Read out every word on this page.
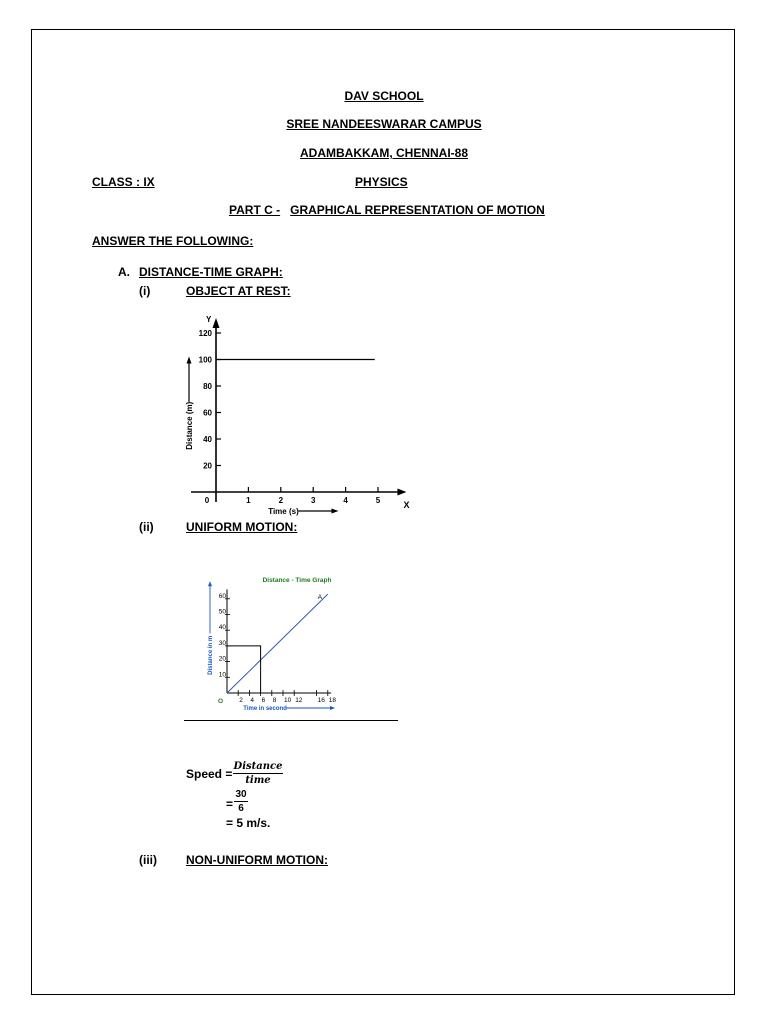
DAV SCHOOL
SREE NANDEESWARAR CAMPUS
ADAMBAKKAM, CHENNAI-88
CLASS : IX	PHYSICS
PART C - GRAPHICAL REPRESENTATION OF MOTION
ANSWER THE FOLLOWING:
A. DISTANCE-TIME GRAPH:
(i)	OBJECT AT REST:
Y
X
0
20
40
60
80
100
120
1	2	3	4	5
Time (s)
Distance (m)
(ii)	UNIFORM MOTION:
Distance - Time Graph
10
20
30
40
50
60
2 4 6 8 10 12 16 18
O
A
Time in second
Distance in m
Speed =
Distance
time
=
30
6
= 5 m/s.
(iii) NON-UNIFORM MOTION:
